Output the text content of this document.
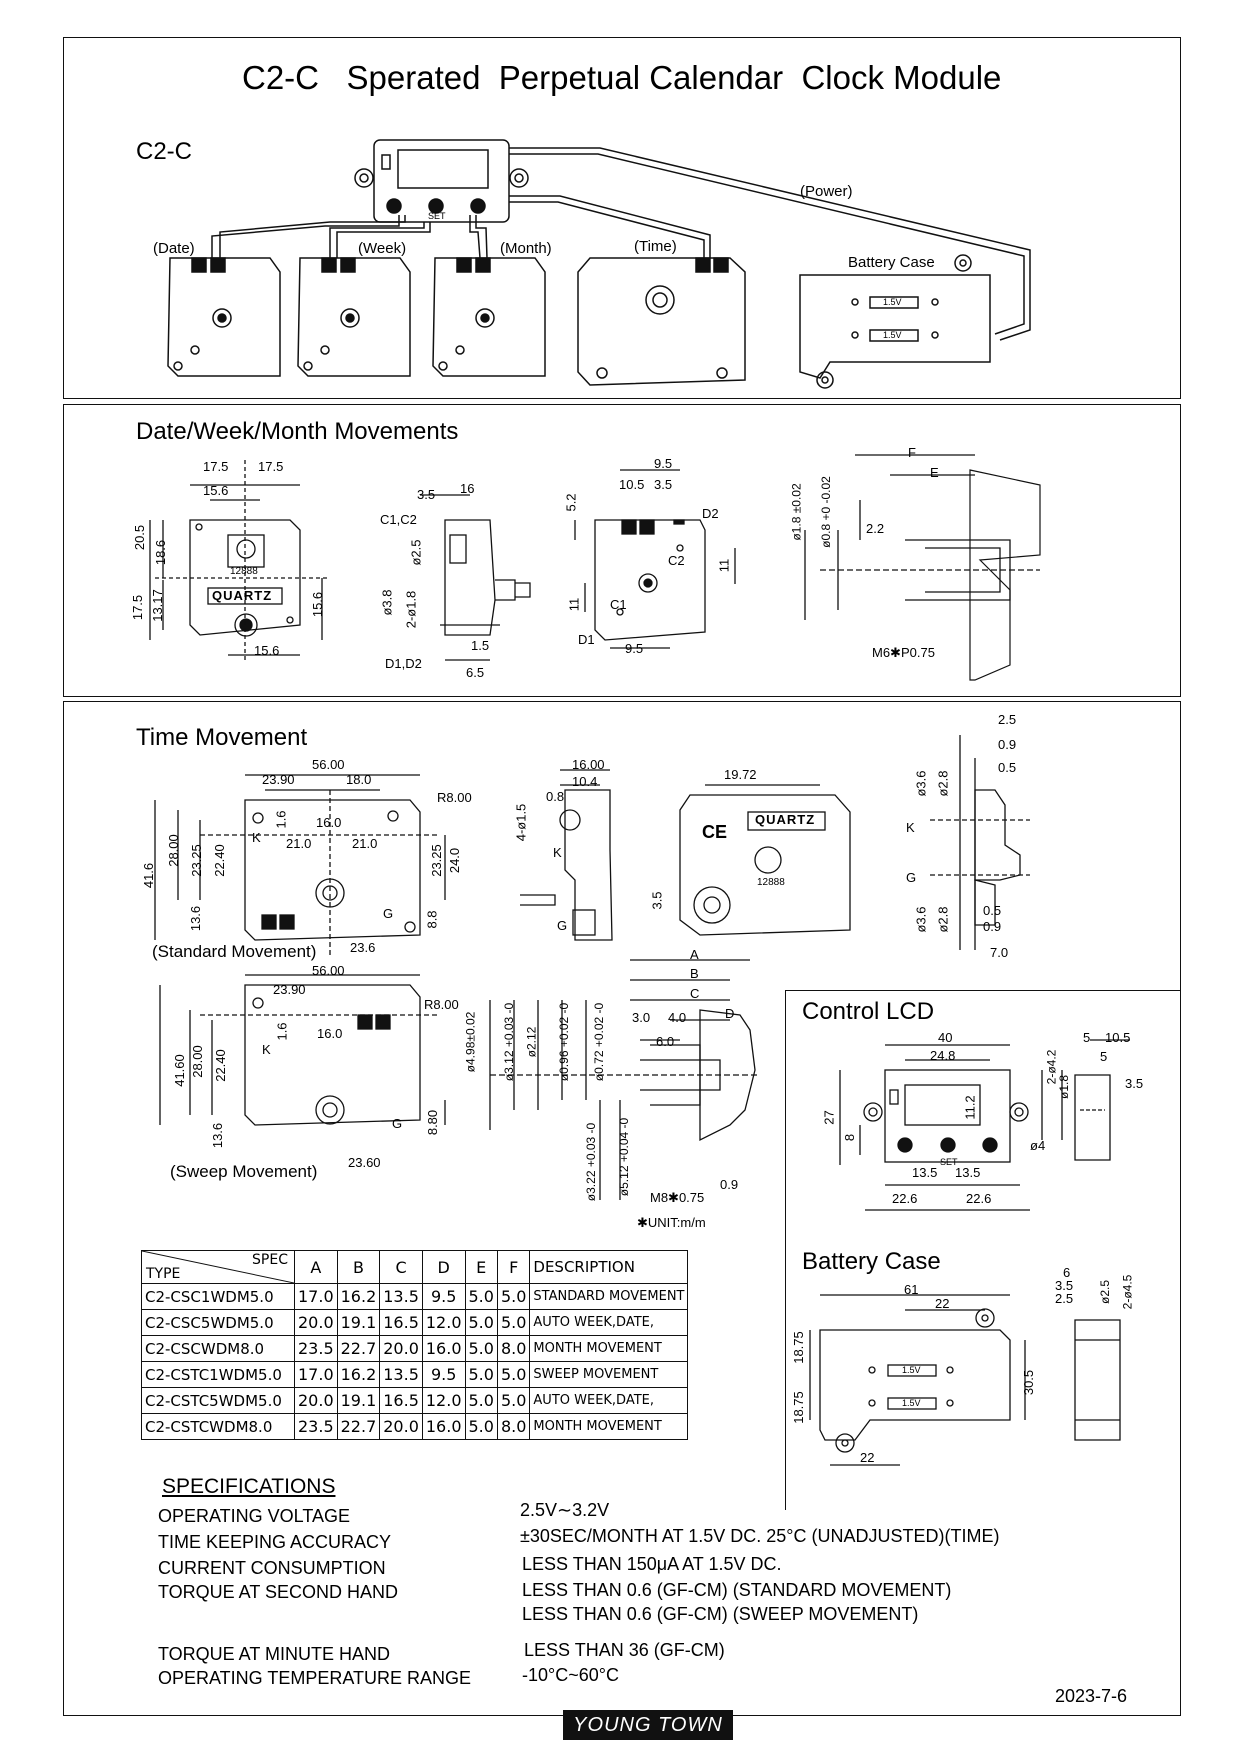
C2-C   Sperated  Perpetual Calendar  Clock Module
C2-C
Date/Week/Month Movements
Time Movement
Control LCD
Battery Case
SET
(Power)
(Date)	(Week)	(Month)	(Time)
Battery Case
1.5V
1.5V
17.5 17.5
15.6
20.5
18.6
17.5 13.17	15.6
15.6
QUARTZ
12888
3.5 16
C1,C2
ø2.5
ø3.8 2-ø1.8
D1,D2
1.5
6.5
9.5
10.5 3.5
5.2
D2
C2 11
11 C1
D1
9.5
F
E
ø1.8 ±0.02 ø0.8 +0 -0.02	2.2
M6✱P0.75
56.00
23.90	18.0
R8.00
1.6 16.0
21.0	21.0
41.6
28.00 23.25 22.40	23.25 24.0
13.6	8.8
23.6
K
G
(Standard Movement)
16.00
10.4
0.8
4-ø1.5
K
G
19.72
CE
QUARTZ
12888
3.5
2.5
0.9
0.5
ø3.6 ø2.8
K
G
ø3.6 ø2.8 0.5
0.9
7.0
56.00
23.90
R8.00
1.6 16.0
41.60 28.00 22.40
13.6
8.80
23.60
K
G
(Sweep Movement)
A
B
C
D
3.0 4.0
6.0
ø4.98±0.02 ø3.12 +0.03 -0 ø2.12 ø0.96 +0.02 -0 ø0.72 +0.02 -0
ø3.22 +0.03 -0 ø5.12 +0.04 -0
M8✱0.75
0.9
✱UNIT:m/m
40
24.8
27
8
11.2
SET
13.5 13.5
22.6	22.6
ø4
5 10.5
5
2-ø4.2
ø1.8	3.5
61
22
18.75
18.75
30.5
22
6
3.5
2.5 ø2.5 2-ø4.5
1.5V
1.5V
SPEC
TYPE	A	B	C	D	E	F	DESCRIPTION
C2-CSC1WDM5.0	17.0	16.2	13.5	9.5	5.0	5.0	STANDARD MOVEMENT
C2-CSC5WDM5.0	20.0	19.1	16.5	12.0	5.0	5.0	AUTO WEEK,DATE,
C2-CSCWDM8.0	23.5	22.7	20.0	16.0	5.0	8.0	MONTH MOVEMENT
C2-CSTC1WDM5.0	17.0	16.2	13.5	9.5	5.0	5.0	SWEEP MOVEMENT
C2-CSTC5WDM5.0	20.0	19.1	16.5	12.0	5.0	5.0	AUTO WEEK,DATE,
C2-CSTCWDM8.0	23.5	22.7	20.0	16.0	5.0	8.0	MONTH MOVEMENT
SPECIFICATIONS
OPERATING VOLTAGE	2.5V∼3.2V
TIME KEEPING ACCURACY	±30SEC/MONTH AT 1.5V DC. 25°C (UNADJUSTED)(TIME)
CURRENT CONSUMPTION	LESS THAN 150μA AT 1.5V DC.
TORQUE AT SECOND HAND	LESS THAN 0.6 (GF-CM) (STANDARD MOVEMENT)
LESS THAN 0.6 (GF-CM) (SWEEP MOVEMENT)
TORQUE AT MINUTE HAND	LESS THAN 36 (GF-CM)
OPERATING TEMPERATURE RANGE	-10°C~60°C
2023-7-6
YOUNG TOWN
